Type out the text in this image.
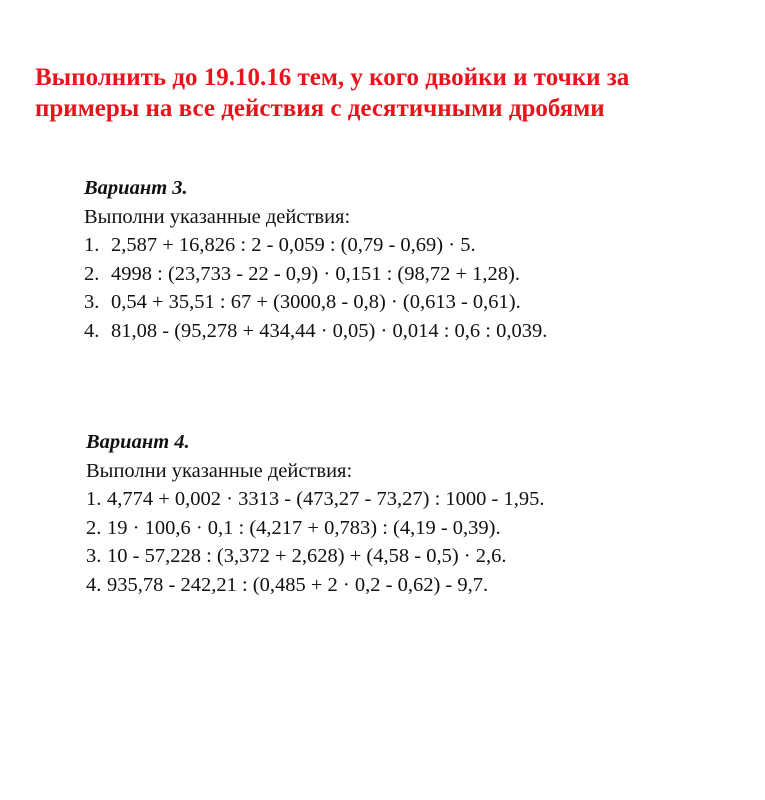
Выполнить до 19.10.16 тем, у кого двойки и точки за
примеры на все действия с десятичными дробями
Вариант 3.
Выполни указанные действия:
1. 2,587 + 16,826 : 2 - 0,059 : (0,79 - 0,69) · 5.
2. 4998 : (23,733 - 22 - 0,9) · 0,151 : (98,72 + 1,28).
3. 0,54 + 35,51 : 67 + (3000,8 - 0,8) · (0,613 - 0,61).
4. 81,08 - (95,278 + 434,44 · 0,05) · 0,014 : 0,6 : 0,039.
Вариант 4.
Выполни указанные действия:
1. 4,774 + 0,002 · 3313 - (473,27 - 73,27) : 1000 - 1,95.
2. 19 · 100,6 · 0,1 : (4,217 + 0,783) : (4,19 - 0,39).
3. 10 - 57,228 : (3,372 + 2,628) + (4,58 - 0,5) · 2,6.
4. 935,78 - 242,21 : (0,485 + 2 · 0,2 - 0,62) - 9,7.
